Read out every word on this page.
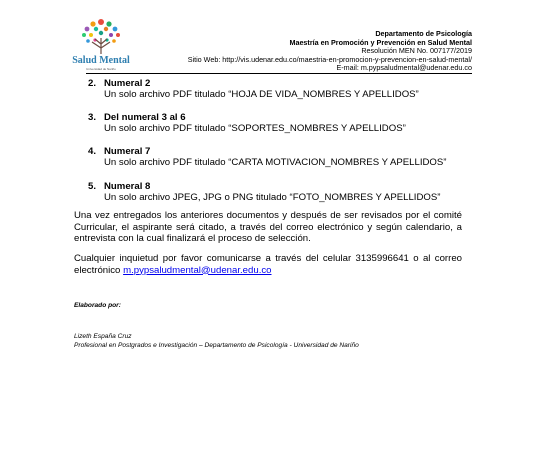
Salud Mental
Universidad de Nariño
Departamento de Psicología
Maestría en Promoción y Prevención en Salud Mental
Resolución MEN No. 007177/2019
Sitio Web: http://vis.udenar.edu.co/maestria-en-promocion-y-prevencion-en-salud-mental/
E-mail: m.pypsaludmental@udenar.edu.co
2. Numeral 2
Un solo archivo PDF titulado “HOJA DE VIDA_NOMBRES Y APELLIDOS”
3. Del numeral 3 al 6
Un solo archivo PDF titulado “SOPORTES_NOMBRES Y APELLIDOS”
4. Numeral 7
Un solo archivo PDF titulado “CARTA MOTIVACION_NOMBRES Y APELLIDOS”
5. Numeral 8
Un solo archivo JPEG, JPG o PNG titulado “FOTO_NOMBRES Y APELLIDOS”
Una vez entregados los anteriores documentos y después de ser revisados por el comité Curricular, el aspirante será citado, a través del correo electrónico y según calendario, a entrevista con la cual finalizará el proceso de selección.
Cualquier inquietud por favor comunicarse a través del celular 3135996641 o al correo electrónico m.pypsaludmental@udenar.edu.co
Elaborado por:
Lizeth España Cruz
Profesional en Postgrados e Investigación – Departamento de Psicología - Universidad de Nariño
